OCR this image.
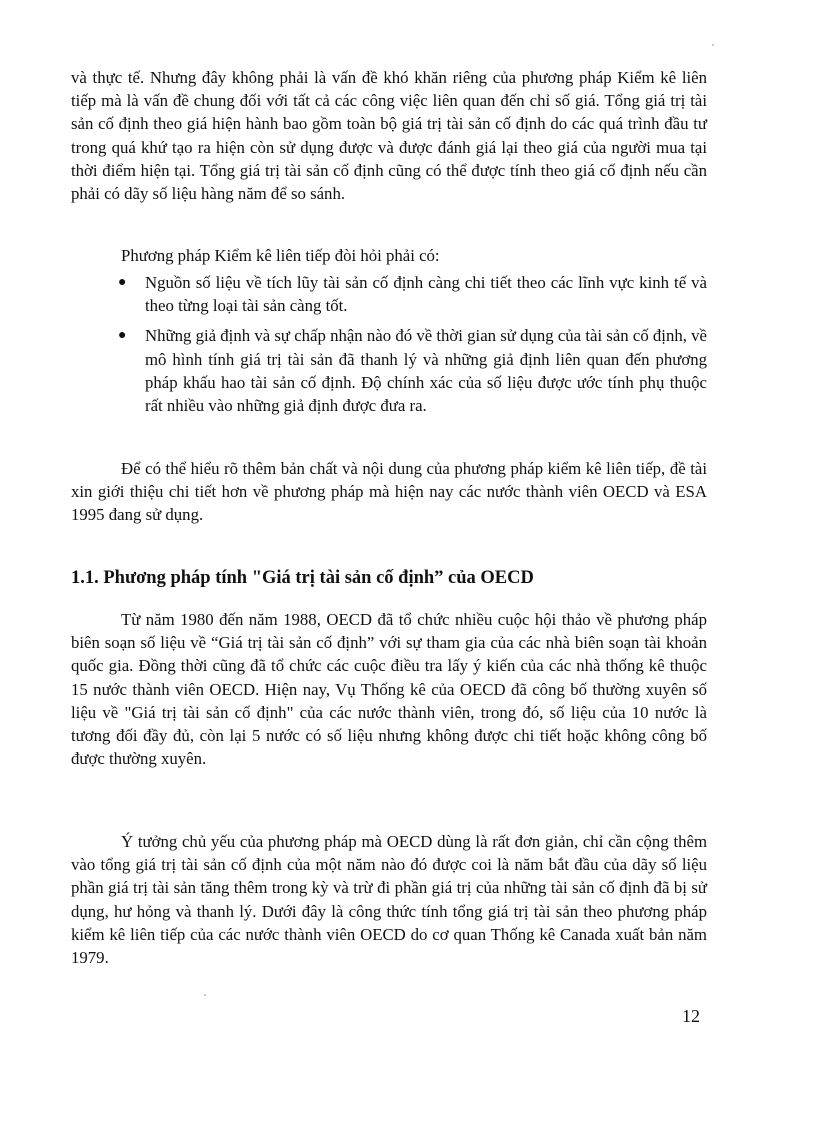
và thực tế. Nhưng đây không phải là vấn đề khó khăn riêng của phương pháp Kiểm kê liên tiếp mà là vấn đề chung đối với tất cả các công việc liên quan đến chỉ số giá. Tổng giá trị tài sản cố định theo giá hiện hành bao gồm toàn bộ giá trị tài sản cố định do các quá trình đầu tư trong quá khứ tạo ra hiện còn sử dụng được và được đánh giá lại theo giá của người mua tại thời điểm hiện tại. Tổng giá trị tài sản cố định cũng có thể được tính theo giá cố định nếu cần phải có dãy số liệu hàng năm để so sánh.

Phương pháp Kiểm kê liên tiếp đòi hỏi phải có:

● Nguồn số liệu về tích lũy tài sản cố định càng chi tiết theo các lĩnh vực kinh tế và theo từng loại tài sản càng tốt.
● Những giả định và sự chấp nhận nào đó về thời gian sử dụng của tài sản cố định, về mô hình tính giá trị tài sản đã thanh lý và những giả định liên quan đến phương pháp khấu hao tài sản cố định. Độ chính xác của số liệu được ước tính phụ thuộc rất nhiều vào những giả định được đưa ra.

Để có thể hiểu rõ thêm bản chất và nội dung của phương pháp kiểm kê liên tiếp, đề tài xin giới thiệu chi tiết hơn về phương pháp mà hiện nay các nước thành viên OECD và ESA 1995 đang sử dụng.

1.1. Phương pháp tính "Giá trị tài sản cố định” của OECD

Từ năm 1980 đến năm 1988, OECD đã tổ chức nhiều cuộc hội thảo về phương pháp biên soạn số liệu về “Giá trị tài sản cố định” với sự tham gia của các nhà biên soạn tài khoản quốc gia. Đồng thời cũng đã tổ chức các cuộc điều tra lấy ý kiến của các nhà thống kê thuộc 15 nước thành viên OECD. Hiện nay, Vụ Thống kê của OECD đã công bố thường xuyên số liệu về "Giá trị tài sản cố định" của các nước thành viên, trong đó, số liệu của 10 nước là tương đối đầy đủ, còn lại 5 nước có số liệu nhưng không được chi tiết hoặc không công bố được thường xuyên.

Ý tưởng chủ yếu của phương pháp mà OECD dùng là rất đơn giản, chỉ cần cộng thêm vào tổng giá trị tài sản cố định của một năm nào đó được coi là năm bắt đầu của dãy số liệu phần giá trị tài sản tăng thêm trong kỳ và trừ đi phần giá trị của những tài sản cố định đã bị sử dụng, hư hỏng và thanh lý. Dưới đây là công thức tính tổng giá trị tài sản theo phương pháp kiểm kê liên tiếp của các nước thành viên OECD do cơ quan Thống kê Canada xuất bản năm 1979.

12
